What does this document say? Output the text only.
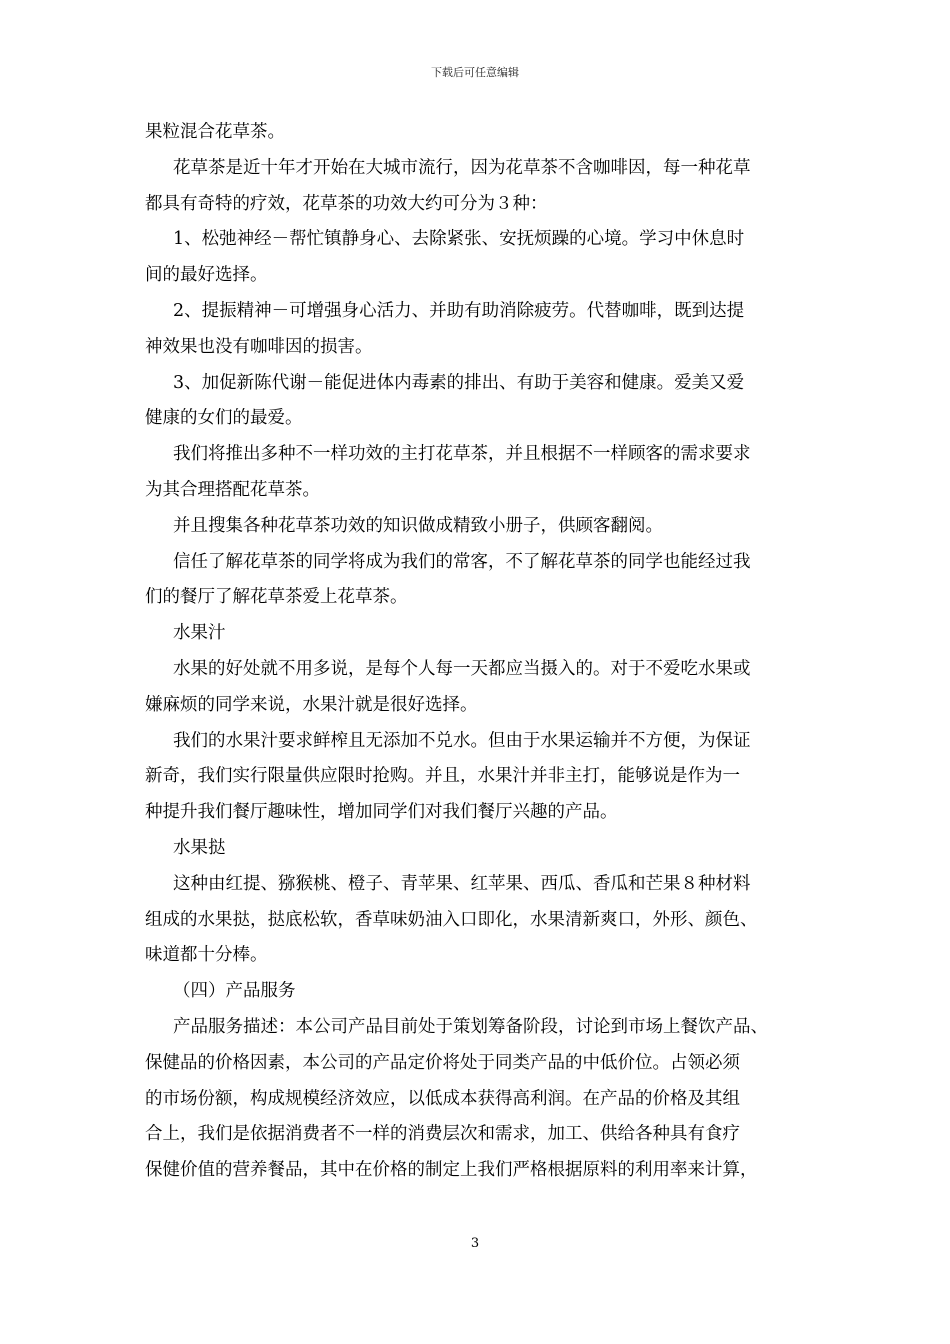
下载后可任意编辑
果粒混合花草茶。
花草茶是近十年才开始在大城市流行，因为花草茶不含咖啡因，每一种花草
都具有奇特的疗效，花草茶的功效大约可分为３种：
1、松弛神经－帮忙镇静身心、去除紧张、安抚烦躁的心境。学习中休息时
间的最好选择。
2、提振精神－可增强身心活力、并助有助消除疲劳。代替咖啡，既到达提
神效果也没有咖啡因的损害。
3、加促新陈代谢－能促进体内毒素的排出、有助于美容和健康。爱美又爱
健康的女们的最爱。
我们将推出多种不一样功效的主打花草茶，并且根据不一样顾客的需求要求
为其合理搭配花草茶。
并且搜集各种花草茶功效的知识做成精致小册子，供顾客翻阅。
信任了解花草茶的同学将成为我们的常客，不了解花草茶的同学也能经过我
们的餐厅了解花草茶爱上花草茶。
水果汁
水果的好处就不用多说，是每个人每一天都应当摄入的。对于不爱吃水果或
嫌麻烦的同学来说，水果汁就是很好选择。
我们的水果汁要求鲜榨且无添加不兑水。但由于水果运输并不方便，为保证
新奇，我们实行限量供应限时抢购。并且，水果汁并非主打，能够说是作为一
种提升我们餐厅趣味性，增加同学们对我们餐厅兴趣的产品。
水果挞
这种由红提、猕猴桃、橙子、青苹果、红苹果、西瓜、香瓜和芒果８种材料
组成的水果挞，挞底松软，香草味奶油入口即化，水果清新爽口，外形、颜色、
味道都十分棒。
（四）产品服务
产品服务描述：本公司产品目前处于策划筹备阶段，讨论到市场上餐饮产品、
保健品的价格因素，本公司的产品定价将处于同类产品的中低价位。占领必须
的市场份额，构成规模经济效应，以低成本获得高利润。在产品的价格及其组
合上，我们是依据消费者不一样的消费层次和需求，加工、供给各种具有食疗
保健价值的营养餐品，其中在价格的制定上我们严格根据原料的利用率来计算，
3
